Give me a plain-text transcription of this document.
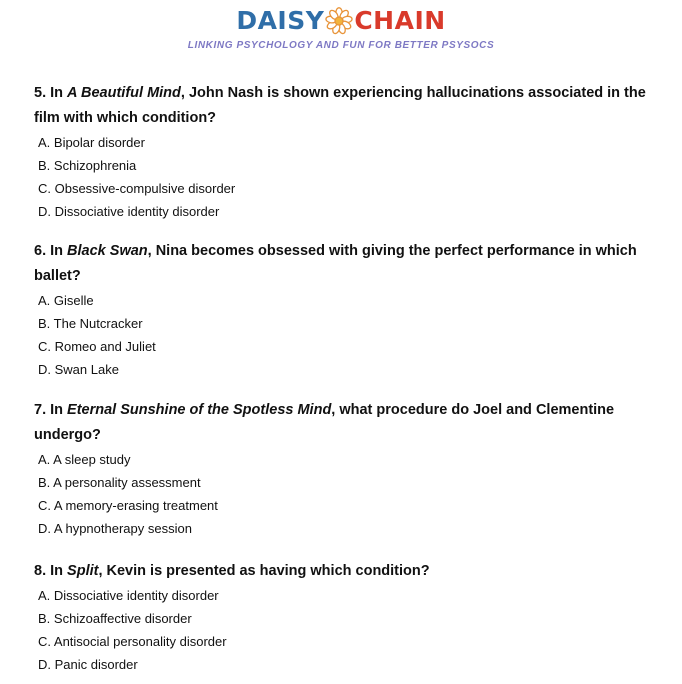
DAISY CHAIN
LINKING PSYCHOLOGY AND FUN FOR BETTER PSYSOCS

5. In A Beautiful Mind, John Nash is shown experiencing hallucinations associated in the film with which condition?

A. Bipolar disorder
B. Schizophrenia
C. Obsessive-compulsive disorder
D. Dissociative identity disorder

6. In Black Swan, Nina becomes obsessed with giving the perfect performance in which ballet?

A. Giselle
B. The Nutcracker
C. Romeo and Juliet
D. Swan Lake

7. In Eternal Sunshine of the Spotless Mind, what procedure do Joel and Clementine undergo?

A. A sleep study
B. A personality assessment
C. A memory-erasing treatment
D. A hypnotherapy session

8. In Split, Kevin is presented as having which condition?

A. Dissociative identity disorder
B. Schizoaffective disorder
C. Antisocial personality disorder
D. Panic disorder
